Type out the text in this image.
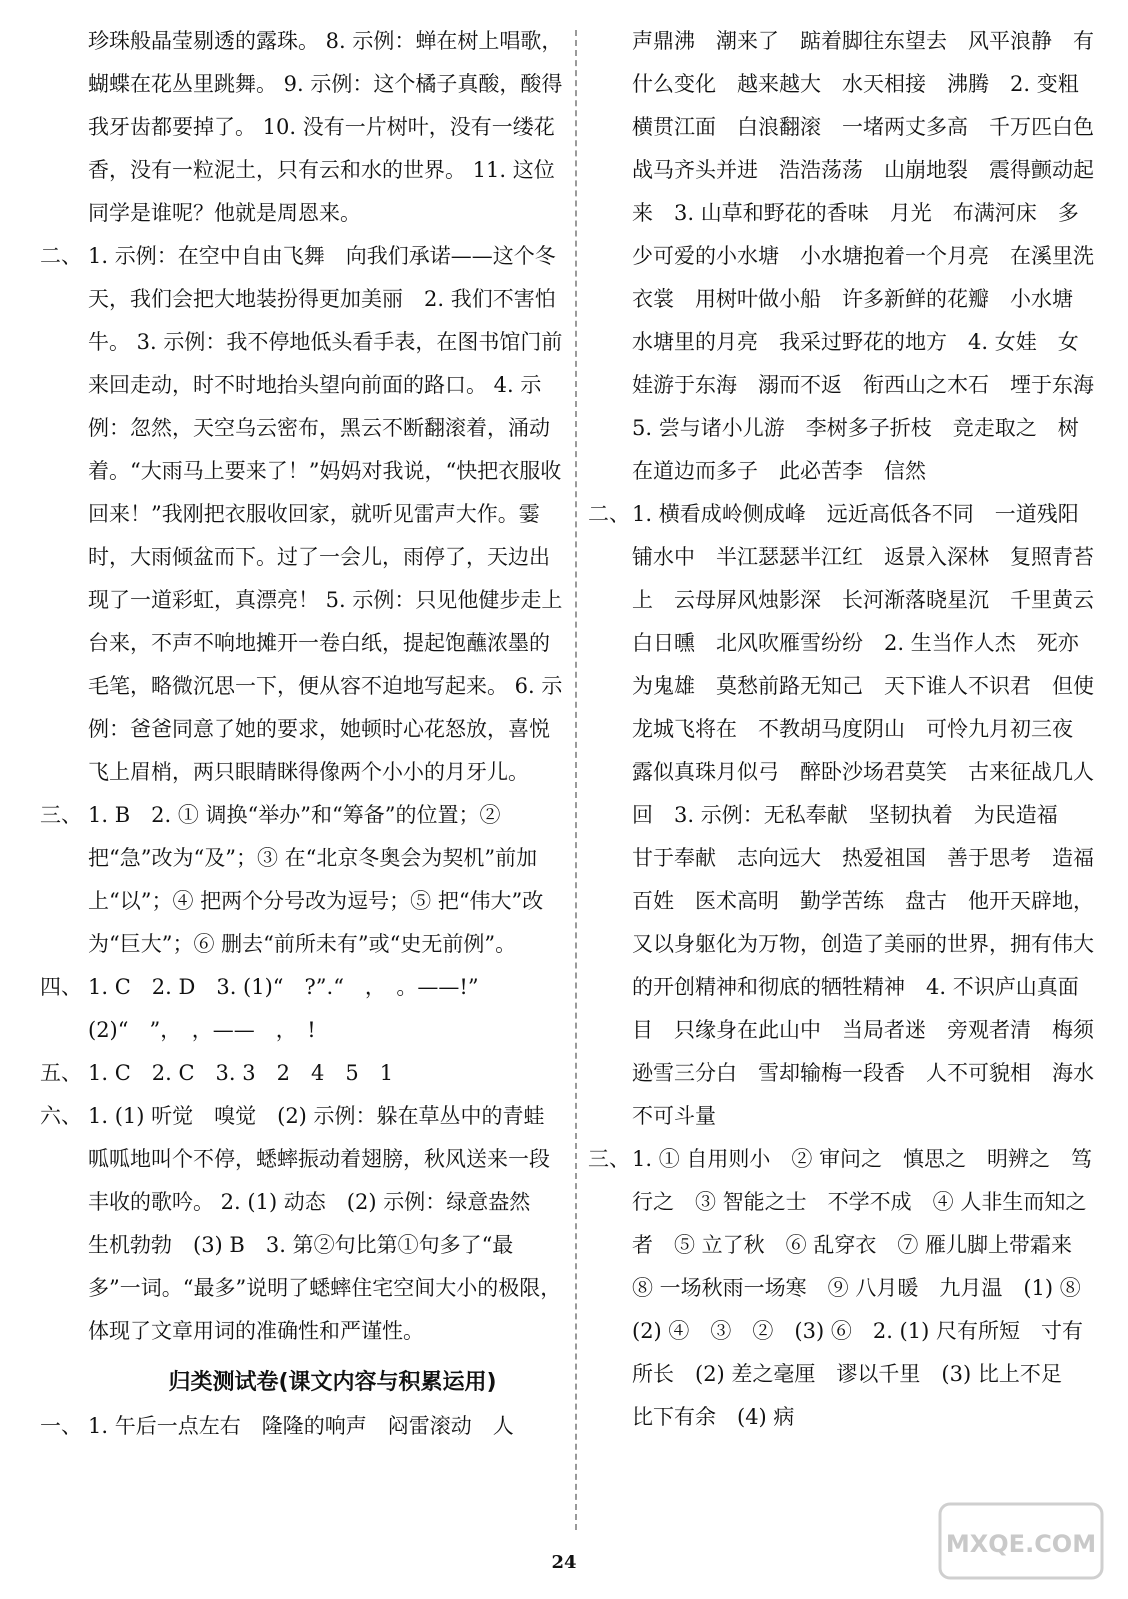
珍珠般晶莹剔透的露珠。 8. 示例：蝉在树上唱歌，蝴蝶在花丛里跳舞。 9. 示例：这个橘子真酸，酸得我牙齿都要掉了。 10. 没有一片树叶，没有一缕花香，没有一粒泥土，只有云和水的世界。 11. 这位同学是谁呢？他就是周恩来。

二、 1. 示例：在空中自由飞舞　向我们承诺——这个冬天，我们会把大地装扮得更加美丽　2. 我们不害怕牛。 3. 示例：我不停地低头看手表，在图书馆门前来回走动，时不时地抬头望向前面的路口。 4. 示例：忽然，天空乌云密布，黑云不断翻滚着，涌动着。“大雨马上要来了！”妈妈对我说，“快把衣服收回来！”我刚把衣服收回家，就听见雷声大作。霎时，大雨倾盆而下。过了一会儿，雨停了，天边出现了一道彩虹，真漂亮！ 5. 示例：只见他健步走上台来，不声不响地摊开一卷白纸，提起饱蘸浓墨的毛笔，略微沉思一下，便从容不迫地写起来。 6. 示例：爸爸同意了她的要求，她顿时心花怒放，喜悦飞上眉梢，两只眼睛眯得像两个小小的月牙儿。

三、 1. B　2. ① 调换“举办”和“筹备”的位置；② 把“急”改为“及”；③ 在“北京冬奥会为契机”前加上“以”；④ 把两个分号改为逗号；⑤ 把“伟大”改为“巨大”；⑥ 删去“前所未有”或“史无前例”。

四、 1. C　2. D　3. (1)“　?”.“　，　。——!” (2)“　”，　，——　，　!

五、 1. C　2. C　3. 3　2　4　5　1

六、 1. (1) 听觉　嗅觉　(2) 示例：躲在草丛中的青蛙呱呱地叫个不停，蟋蟀振动着翅膀，秋风送来一段丰收的歌吟。 2. (1) 动态　(2) 示例：绿意盎然　生机勃勃　(3) B　3. 第②句比第①句多了“最多”一词。“最多”说明了蟋蟀住宅空间大小的极限，体现了文章用词的准确性和严谨性。

归类测试卷(课文内容与积累运用)

一、 1. 午后一点左右　隆隆的响声　闷雷滚动　人

声鼎沸　潮来了　踮着脚往东望去　风平浪静　有什么变化　越来越大　水天相接　沸腾　2. 变粗　横贯江面　白浪翻滚　一堵两丈多高　千万匹白色战马齐头并进　浩浩荡荡　山崩地裂　震得颤动起来　3. 山草和野花的香味　月光　布满河床　多少可爱的小水塘　小水塘抱着一个月亮　在溪里洗衣裳　用树叶做小船　许多新鲜的花瓣　小水塘　水塘里的月亮　我采过野花的地方　4. 女娃　女娃游于东海　溺而不返　衔西山之木石　堙于东海　5. 尝与诸小儿游　李树多子折枝　竞走取之　树在道边而多子　此必苦李　信然

二、 1. 横看成岭侧成峰　远近高低各不同　一道残阳铺水中　半江瑟瑟半江红　返景入深林　复照青苔上　云母屏风烛影深　长河渐落晓星沉　千里黄云白日曛　北风吹雁雪纷纷　2. 生当作人杰　死亦为鬼雄　莫愁前路无知己　天下谁人不识君　但使龙城飞将在　不教胡马度阴山　可怜九月初三夜　露似真珠月似弓　醉卧沙场君莫笑　古来征战几人回　3. 示例：无私奉献　坚韧执着　为民造福　甘于奉献　志向远大　热爱祖国　善于思考　造福百姓　医术高明　勤学苦练　盘古　他开天辟地，又以身躯化为万物，创造了美丽的世界，拥有伟大的开创精神和彻底的牺牲精神　4. 不识庐山真面目　只缘身在此山中　当局者迷　旁观者清　梅须逊雪三分白　雪却输梅一段香　人不可貌相　海水不可斗量

三、 1. ① 自用则小　② 审问之　慎思之　明辨之　笃行之　③ 智能之士　不学不成　④ 人非生而知之者　⑤ 立了秋　⑥ 乱穿衣　⑦ 雁儿脚上带霜来　⑧ 一场秋雨一场寒　⑨ 八月暖　九月温　(1) ⑧　(2) ④　③　②　(3) ⑥　2. (1) 尺有所短　寸有所长　(2) 差之毫厘　谬以千里　(3) 比上不足　比下有余　(4) 病

24
MXQE.COM
